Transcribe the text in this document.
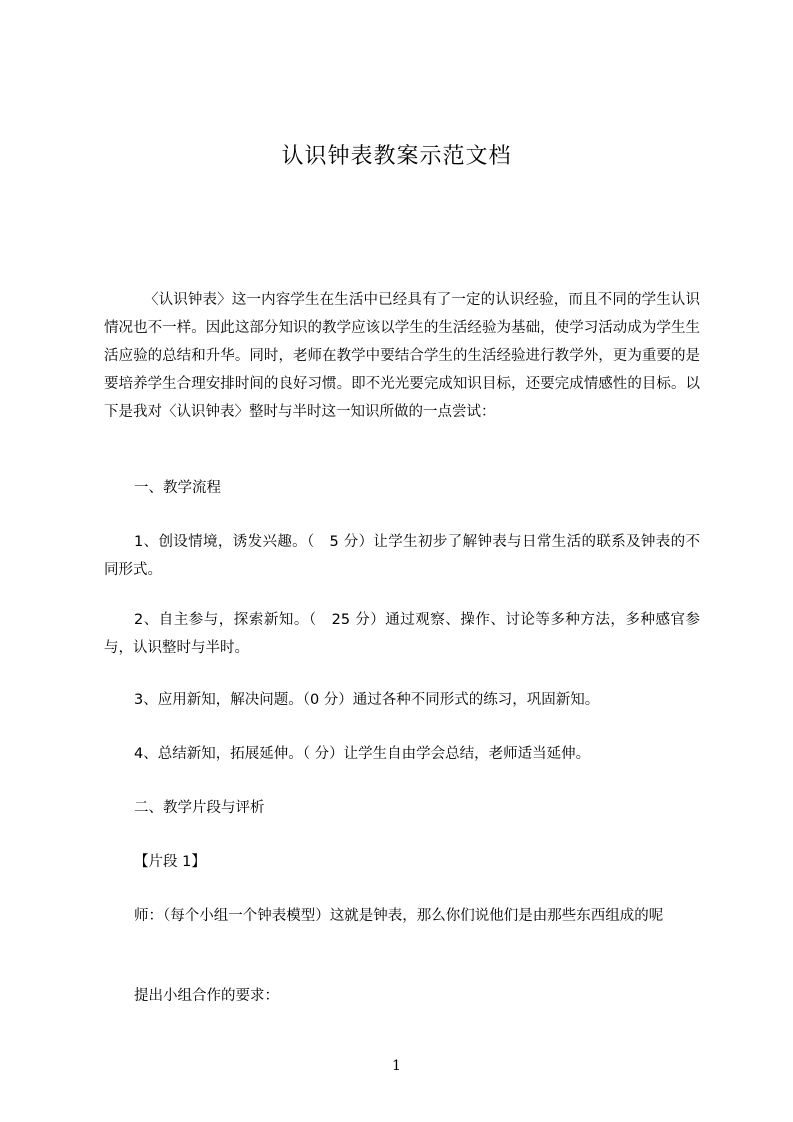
认识钟表教案示范文档

〈认识钟表〉这一内容学生在生活中已经具有了一定的认识经验，而且不同的学生认识情况也不一样。因此这部分知识的教学应该以学生的生活经验为基础，使学习活动成为学生生活应验的总结和升华。同时，老师在教学中要结合学生的生活经验进行教学外，更为重要的是要培养学生合理安排时间的良好习惯。即不光光要完成知识目标，还要完成情感性的目标。以下是我对〈认识钟表〉整时与半时这一知识所做的一点尝试：

一、教学流程

1、创设情境，诱发兴趣。（　5 分）让学生初步了解钟表与日常生活的联系及钟表的不同形式。

2、自主参与，探索新知。（　25 分）通过观察、操作、讨论等多种方法，多种感官参与，认识整时与半时。

3、应用新知，解决问题。（0 分）通过各种不同形式的练习，巩固新知。

4、总结新知，拓展延伸。（ 分）让学生自由学会总结，老师适当延伸。

二、教学片段与评析

【片段 1】

师：（每个小组一个钟表模型）这就是钟表，那么你们说他们是由那些东西组成的呢

提出小组合作的要求：

1
